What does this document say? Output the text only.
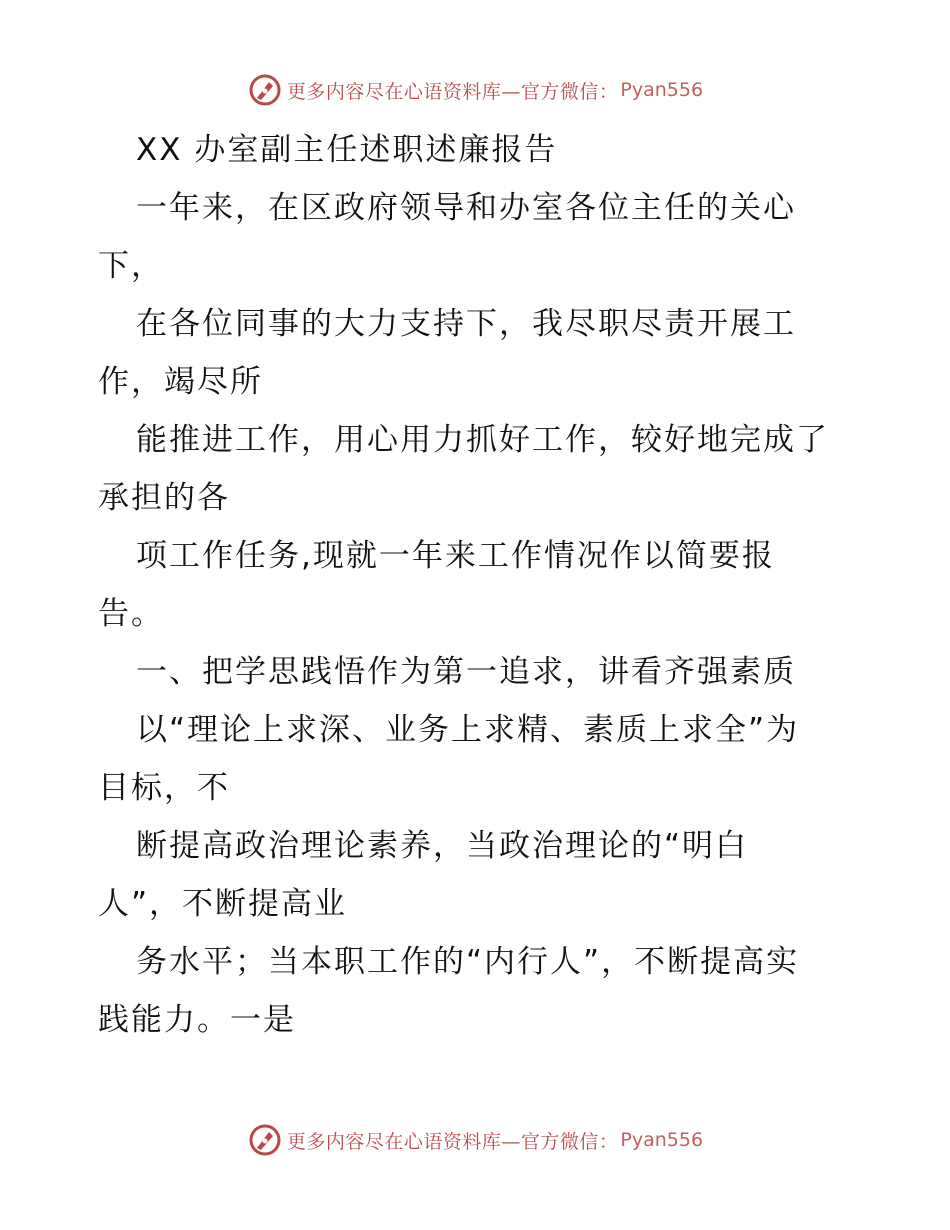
更多内容尽在心语资料库—官方微信： Pyan556
XX 办室副主任述职述廉报告
一年来，在区政府领导和办室各位主任的关心
下，
在各位同事的大力支持下，我尽职尽责开展工
作，竭尽所
能推进工作，用心用力抓好工作，较好地完成了
承担的各
项工作任务,现就一年来工作情况作以简要报
告。
一、把学思践悟作为第一追求，讲看齐强素质
以“理论上求深、业务上求精、素质上求全”为
目标，不
断提高政治理论素养，当政治理论的“明白
人”，不断提高业
务水平；当本职工作的“内行人”，不断提高实
践能力。一是
更多内容尽在心语资料库—官方微信： Pyan556
